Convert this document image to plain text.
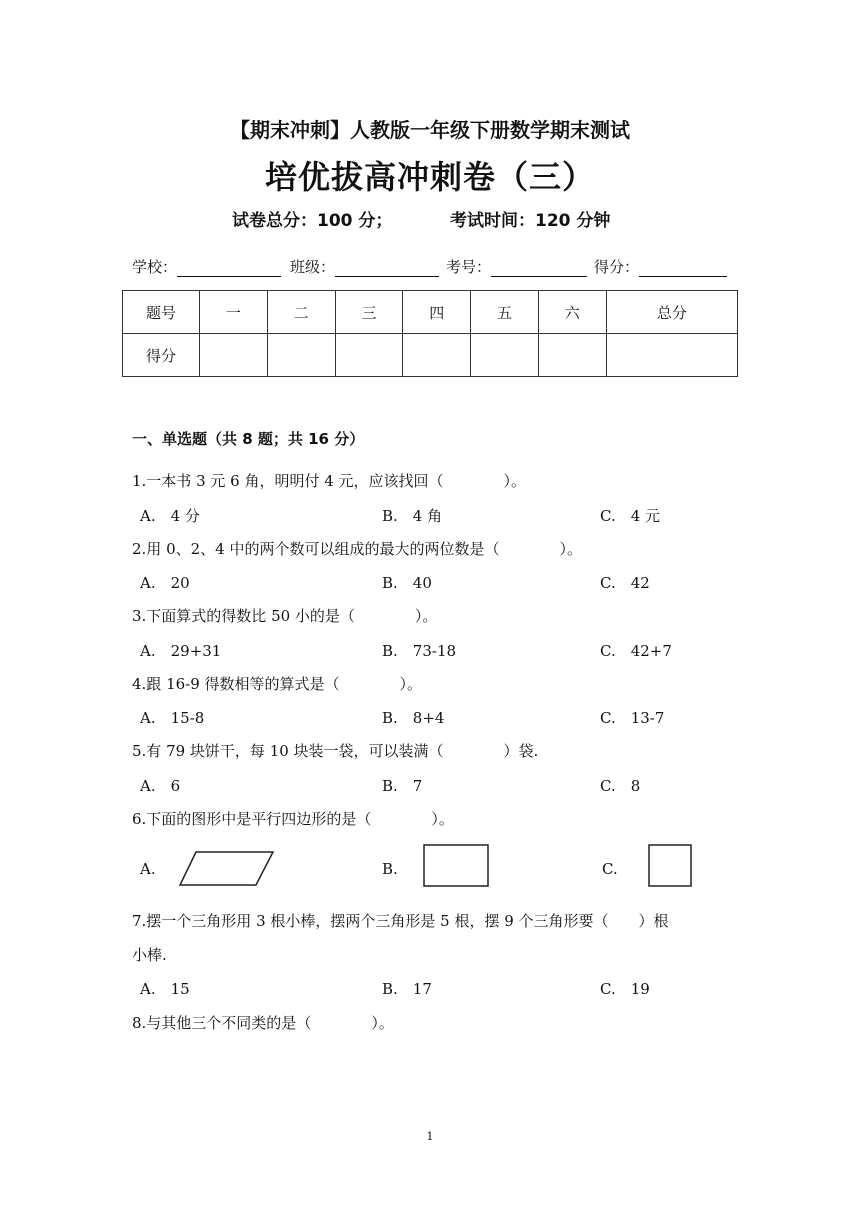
【期末冲刺】人教版一年级下册数学期末测试
培优拔高冲刺卷（三）
试卷总分：100 分；	考试时间：120 分钟
学校：	班级：	考号：	得分：
题号	一	二	三	四	五	六	总分
得分							
一、单选题（共 8 题；共 16 分）
1.一本书 3 元 6 角，明明付 4 元，应该找回（　　　　）。
A.　4 分	B.　4 角	C.　4 元
2.用 0、2、4 中的两个数可以组成的最大的两位数是（　　　　）。
A.　20	B.　40	C.　42
3.下面算式的得数比 50 小的是（　　　　）。
A.　29+31	B.　73-18	C.　42+7
4.跟 16-9 得数相等的算式是（　　　　）。
A.　15-8	B.　8+4	C.　13-7
5.有 79 块饼干，每 10 块装一袋，可以装满（　　　　）袋.
A.　6	B.　7	C.　8
6.下面的图形中是平行四边形的是（　　　　）。
A.	B.	C.
7.摆一个三角形用 3 根小棒，摆两个三角形是 5 根，摆 9 个三角形要（　　）根
小棒.
A.　15	B.　17	C.　19
8.与其他三个不同类的是（　　　　）。
1
